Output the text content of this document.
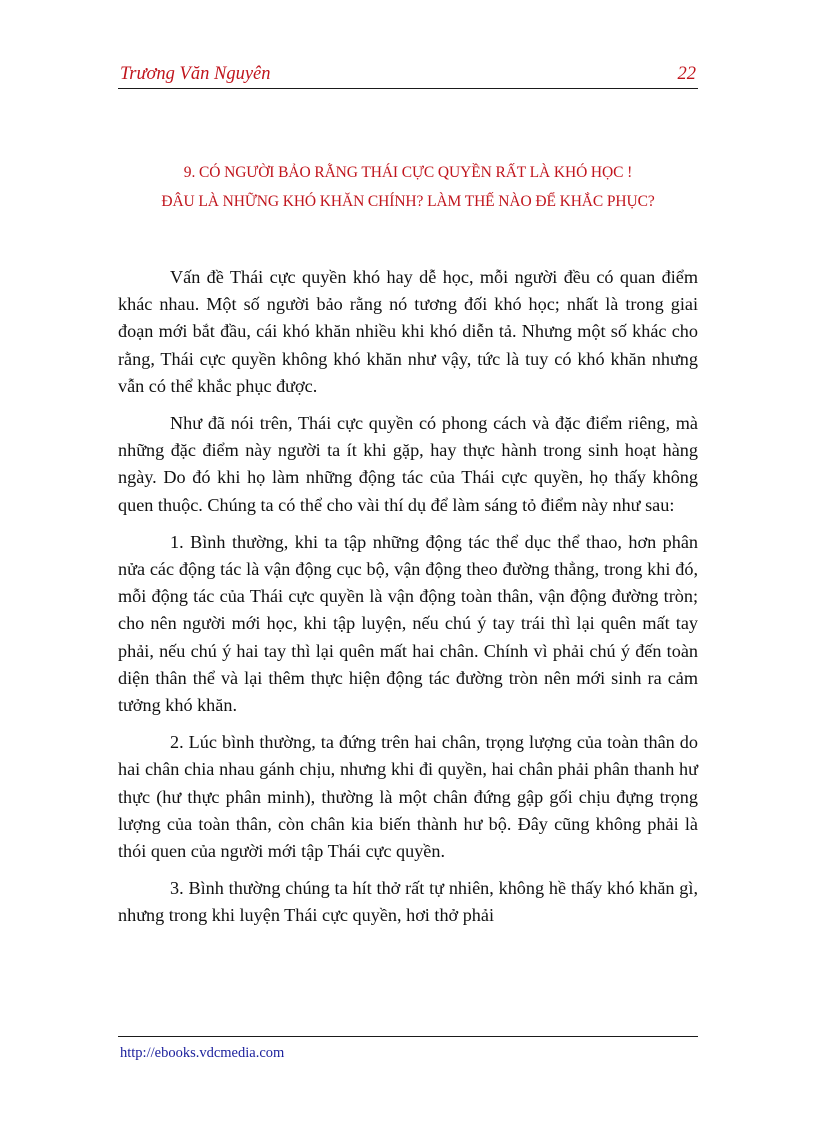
Trương Văn Nguyên	22
9. CÓ NGƯỜI BẢO RẰNG THÁI CỰC QUYỀN RẤT LÀ KHÓ HỌC !
ĐÂU LÀ NHỮNG KHÓ KHĂN CHÍNH? LÀM THẾ NÀO ĐỂ KHẮC PHỤC?

Vấn đề Thái cực quyền khó hay dễ học, mỗi người đều có quan điểm khác nhau. Một số người bảo rằng nó tương đối khó học; nhất là trong giai đoạn mới bắt đầu, cái khó khăn nhiều khi khó diễn tả. Nhưng một số khác cho rằng, Thái cực quyền không khó khăn như vậy, tức là tuy có khó khăn nhưng vẫn có thể khắc phục được.

Như đã nói trên, Thái cực quyền có phong cách và đặc điểm riêng, mà những đặc điểm này người ta ít khi gặp, hay thực hành trong sinh hoạt hàng ngày. Do đó khi họ làm những động tác của Thái cực quyền, họ thấy không quen thuộc. Chúng ta có thể cho vài thí dụ để làm sáng tỏ điểm này như sau:

1. Bình thường, khi ta tập những động tác thể dục thể thao, hơn phân nửa các động tác là vận động cục bộ, vận động theo đường thẳng, trong khi đó, mỗi động tác của Thái cực quyền là vận động toàn thân, vận động đường tròn; cho nên người mới học, khi tập luyện, nếu chú ý tay trái thì lại quên mất tay phải, nếu chú ý hai tay thì lại quên mất hai chân. Chính vì phải chú ý đến toàn diện thân thể và lại thêm thực hiện động tác đường tròn nên mới sinh ra cảm tưởng khó khăn.

2. Lúc bình thường, ta đứng trên hai chân, trọng lượng của toàn thân do hai chân chia nhau gánh chịu, nhưng khi đi quyền, hai chân phải phân thanh hư thực (hư thực phân minh), thường là một chân đứng gập gối chịu đựng trọng lượng của toàn thân, còn chân kia biến thành hư bộ. Đây cũng không phải là thói quen của người mới tập Thái cực quyền.

3. Bình thường chúng ta hít thở rất tự nhiên, không hề thấy khó khăn gì, nhưng trong khi luyện Thái cực quyền, hơi thở phải

http://ebooks.vdcmedia.com
